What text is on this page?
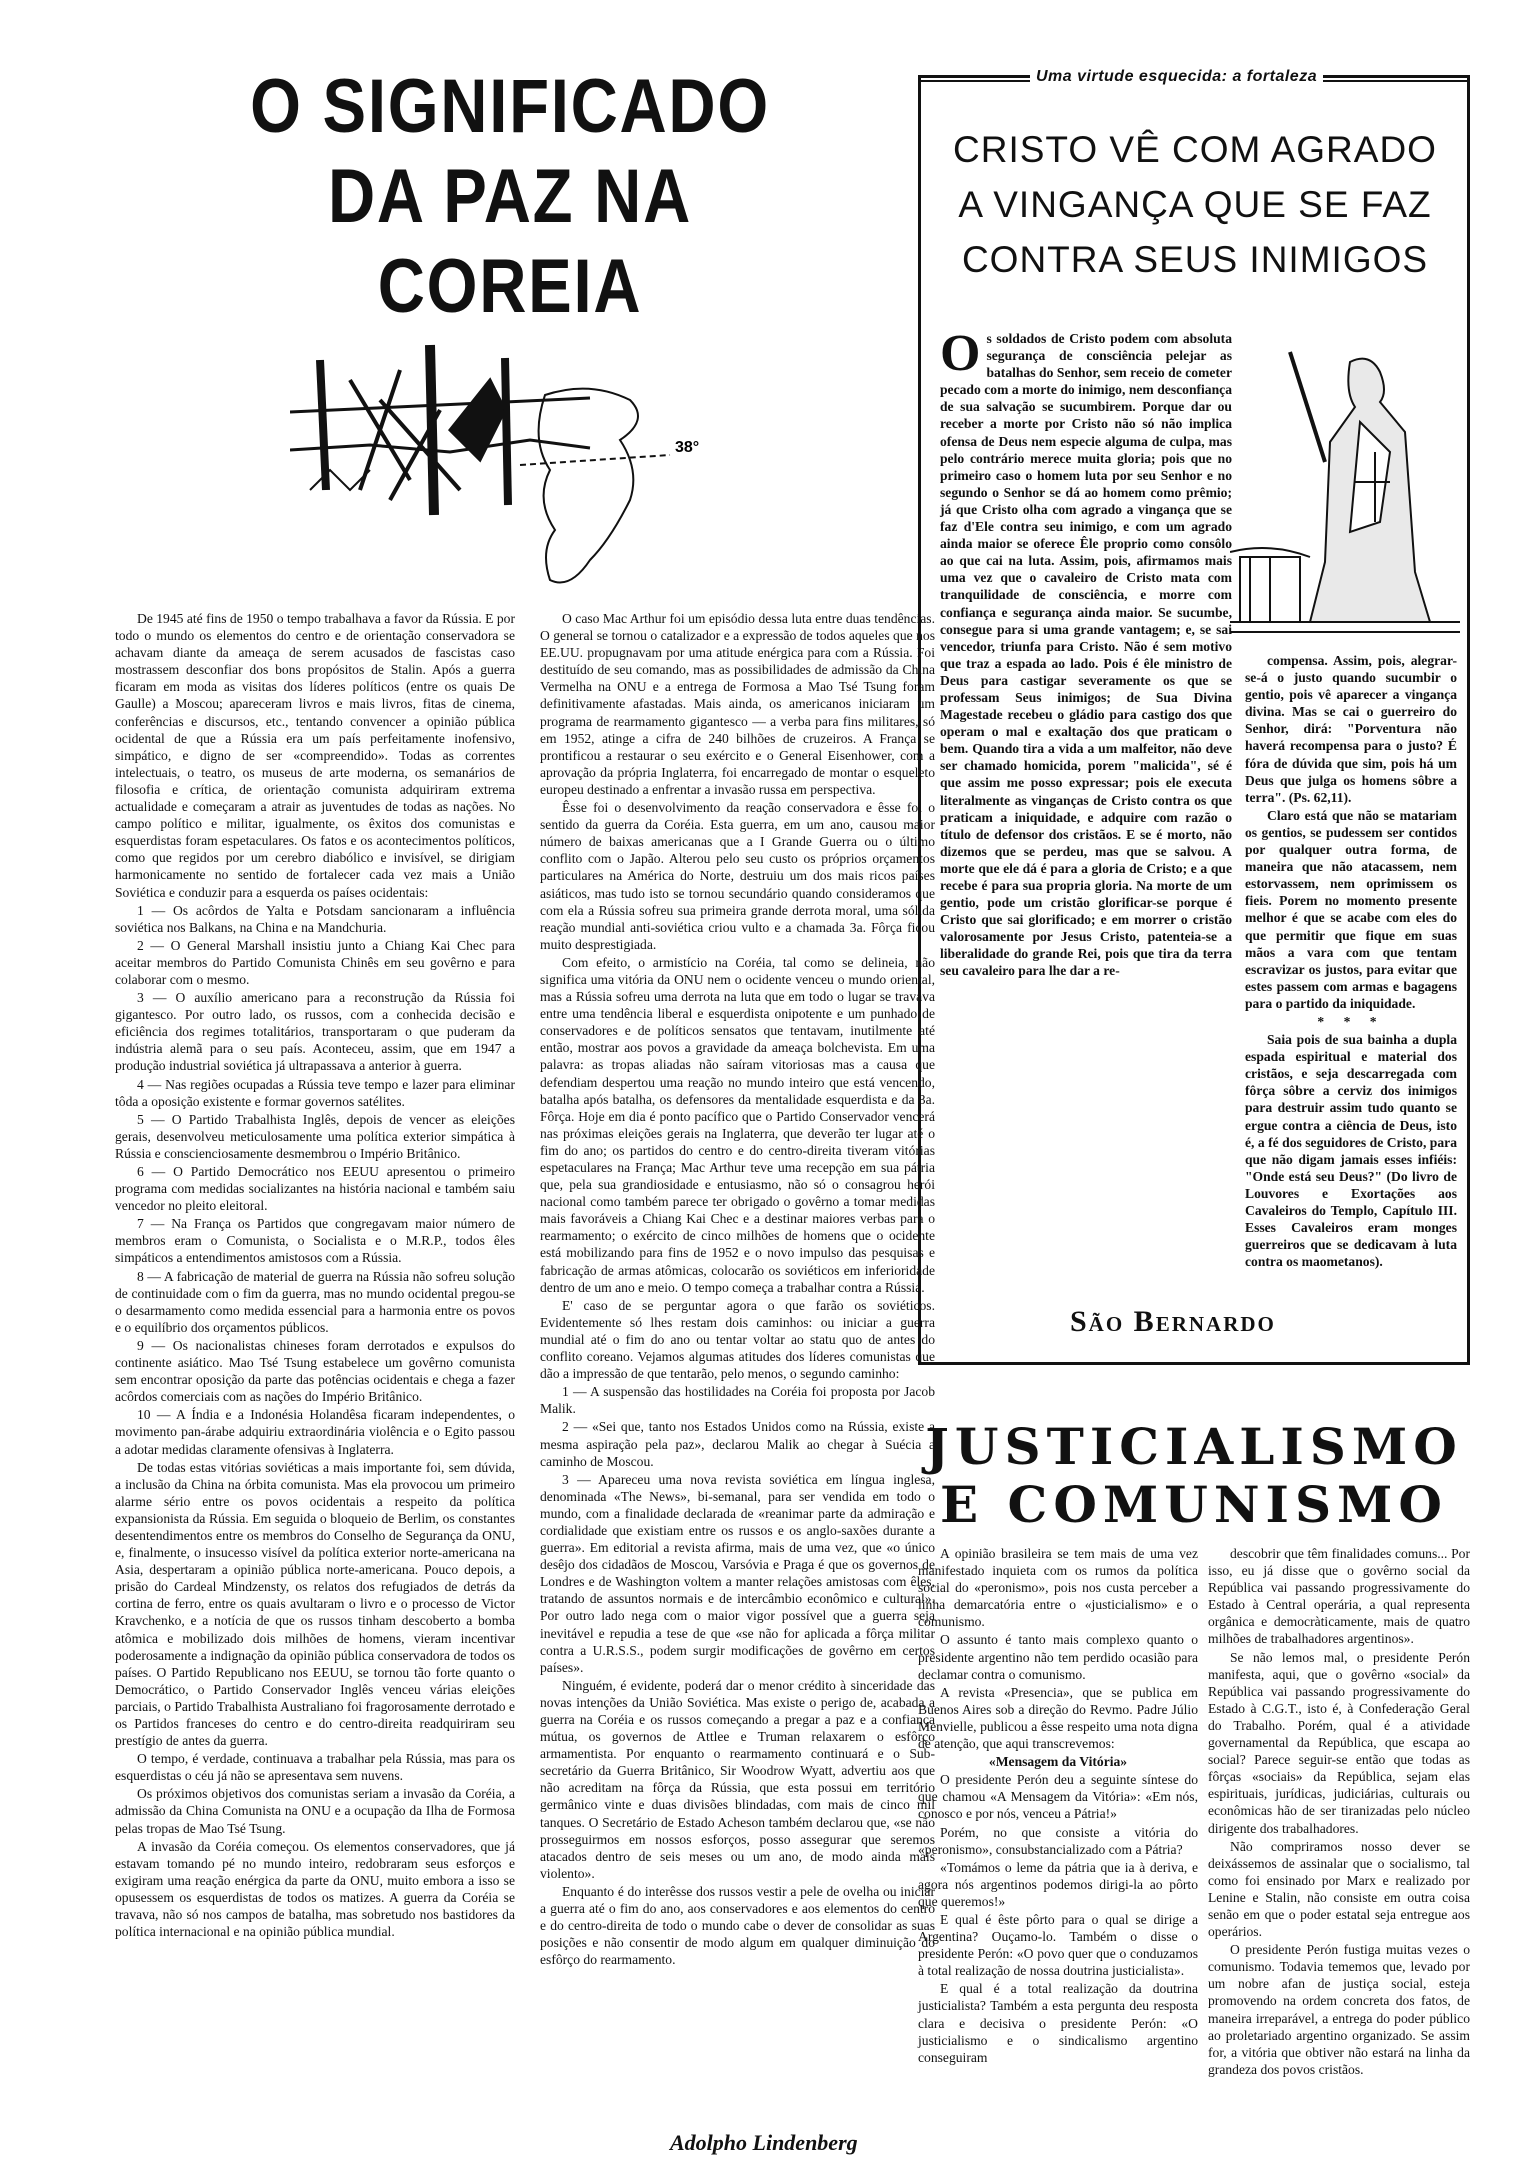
O SIGNIFICADO
DA PAZ NA COREIA
38°

De 1945 até fins de 1950 o tempo trabalhava a favor da Rússia. E por todo o mundo os elementos do centro e de orientação conservadora se achavam diante da ameaça de serem acusados de fascistas caso mostrassem desconfiar dos bons propósitos de Stalin. Após a guerra ficaram em moda as visitas dos líderes políticos (entre os quais De Gaulle) a Moscou; apareceram livros e mais livros, fitas de cinema, conferências e discursos, etc., tentando convencer a opinião pública ocidental de que a Rússia era um país perfeitamente inofensivo, simpático, e digno de ser «compreendido». Todas as correntes intelectuais, o teatro, os museus de arte moderna, os semanários de filosofia e crítica, de orientação comunista adquiriram extrema actualidade e começaram a atrair as juventudes de todas as nações. No campo político e militar, igualmente, os êxitos dos comunistas e esquerdistas foram espetaculares. Os fatos e os acontecimentos políticos, como que regidos por um cerebro diabólico e invisível, se dirigiam harmonicamente no sentido de fortalecer cada vez mais a União Soviética e conduzir para a esquerda os países ocidentais:

1 — Os acôrdos de Yalta e Potsdam sancionaram a influência soviética nos Balkans, na China e na Mandchuria.

2 — O General Marshall insistiu junto a Chiang Kai Chec para aceitar membros do Partido Comunista Chinês em seu govêrno e para colaborar com o mesmo.

3 — O auxílio americano para a reconstrução da Rússia foi gigantesco. Por outro lado, os russos, com a conhecida decisão e eficiência dos regimes totalitários, transportaram o que puderam da indústria alemã para o seu país. Aconteceu, assim, que em 1947 a produção industrial soviética já ultrapassava a anterior à guerra.

4 — Nas regiões ocupadas a Rússia teve tempo e lazer para eliminar tôda a oposição existente e formar governos satélites.

5 — O Partido Trabalhista Inglês, depois de vencer as eleições gerais, desenvolveu meticulosamente uma política exterior simpática à Rússia e conscienciosamente desmembrou o Império Britânico.

6 — O Partido Democrático nos EEUU apresentou o primeiro programa com medidas socializantes na história nacional e também saiu vencedor no pleito eleitoral.

7 — Na França os Partidos que congregavam maior número de membros eram o Comunista, o Socialista e o M.R.P., todos êles simpáticos a entendimentos amistosos com a Rússia.

8 — A fabricação de material de guerra na Rússia não sofreu solução de continuidade com o fim da guerra, mas no mundo ocidental pregou-se o desarmamento como medida essencial para a harmonia entre os povos e o equilíbrio dos orçamentos públicos.

9 — Os nacionalistas chineses foram derrotados e expulsos do continente asiático. Mao Tsé Tsung estabelece um govêrno comunista sem encontrar oposição da parte das potências ocidentais e chega a fazer acôrdos comerciais com as nações do Império Britânico.

10 — A Índia e a Indonésia Holandêsa ficaram independentes, o movimento pan-árabe adquiriu extraordinária violência e o Egito passou a adotar medidas claramente ofensivas à Inglaterra.

De todas estas vitórias soviéticas a mais importante foi, sem dúvida, a inclusão da China na órbita comunista. Mas ela provocou um primeiro alarme sério entre os povos ocidentais a respeito da política expansionista da Rússia. Em seguida o bloqueio de Berlim, os constantes desentendimentos entre os membros do Conselho de Segurança da ONU, e, finalmente, o insucesso visível da política exterior norte-americana na Asia, despertaram a opinião pública norte-americana. Pouco depois, a prisão do Cardeal Mindzensty, os relatos dos refugiados de detrás da cortina de ferro, entre os quais avultaram o livro e o processo de Victor Kravchenko, e a notícia de que os russos tinham descoberto a bomba atômica e mobilizado dois milhões de homens, vieram incentivar poderosamente a indignação da opinião pública conservadora de todos os países. O Partido Republicano nos EEUU, se tornou tão forte quanto o Democrático, o Partido Conservador Inglês venceu várias eleições parciais, o Partido Trabalhista Australiano foi fragorosamente derrotado e os Partidos franceses do centro e do centro-direita readquiriram seu prestígio de antes da guerra.

O tempo, é verdade, continuava a trabalhar pela Rússia, mas para os esquerdistas o céu já não se apresentava sem nuvens.

Os próximos objetivos dos comunistas seriam a invasão da Coréia, a admissão da China Comunista na ONU e a ocupação da Ilha de Formosa pelas tropas de Mao Tsé Tsung.

A invasão da Coréia começou. Os elementos conservadores, que já estavam tomando pé no mundo inteiro, redobraram seus esforços e exigiram uma reação enérgica da parte da ONU, muito embora a isso se opusessem os esquerdistas de todos os matizes. A guerra da Coréia se travava, não só nos campos de batalha, mas sobretudo nos bastidores da política internacional e na opinião pública mundial.

O caso Mac Arthur foi um episódio dessa luta entre duas tendências. O general se tornou o catalizador e a expressão de todos aqueles que nos EE.UU. propugnavam por uma atitude enérgica para com a Rússia. Foi destituído de seu comando, mas as possibilidades de admissão da China Vermelha na ONU e a entrega de Formosa a Mao Tsé Tsung foram definitivamente afastadas. Mais ainda, os americanos iniciaram um programa de rearmamento gigantesco — a verba para fins militares, só em 1952, atinge a cifra de 240 bilhões de cruzeiros. A França se prontificou a restaurar o seu exército e o General Eisenhower, com a aprovação da própria Inglaterra, foi encarregado de montar o esqueleto europeu destinado a enfrentar a invasão russa em perspectiva.

Êsse foi o desenvolvimento da reação conservadora e êsse foi o sentido da guerra da Coréia. Esta guerra, em um ano, causou maior número de baixas americanas que a I Grande Guerra ou o último conflito com o Japão. Alterou pelo seu custo os próprios orçamentos particulares na América do Norte, destruiu um dos mais ricos países asiáticos, mas tudo isto se tornou secundário quando consideramos que com ela a Rússia sofreu sua primeira grande derrota moral, uma sólida reação mundial anti-soviética criou vulto e a chamada 3a. Fôrça ficou muito desprestigiada.

Com efeito, o armistício na Coréia, tal como se delineia, não significa uma vitória da ONU nem o ocidente venceu o mundo oriental, mas a Rússia sofreu uma derrota na luta que em todo o lugar se travava entre uma tendência liberal e esquerdista onipotente e um punhado de conservadores e de políticos sensatos que tentavam, inutilmente até então, mostrar aos povos a gravidade da ameaça bolchevista. Em uma palavra: as tropas aliadas não saíram vitoriosas mas a causa que defendiam despertou uma reação no mundo inteiro que está vencendo, batalha após batalha, os defensores da mentalidade esquerdista e da 3a. Fôrça. Hoje em dia é ponto pacífico que o Partido Conservador vencerá nas próximas eleições gerais na Inglaterra, que deverão ter lugar até o fim do ano; os partidos do centro e do centro-direita tiveram vitórias espetaculares na França; Mac Arthur teve uma recepção em sua pátria que, pela sua grandiosidade e entusiasmo, não só o consagrou herói nacional como também parece ter obrigado o govêrno a tomar medidas mais favoráveis a Chiang Kai Chec e a destinar maiores verbas para o rearmamento; o exército de cinco milhões de homens que o ocidente está mobilizando para fins de 1952 e o novo impulso das pesquisas e fabricação de armas atômicas, colocarão os soviéticos em inferioridade dentro de um ano e meio. O tempo começa a trabalhar contra a Rússia.

E' caso de se perguntar agora o que farão os soviéticos. Evidentemente só lhes restam dois caminhos: ou iniciar a guerra mundial até o fim do ano ou tentar voltar ao statu quo de antes do conflito coreano. Vejamos algumas atitudes dos líderes comunistas que dão a impressão de que tentarão, pelo menos, o segundo caminho:

1 — A suspensão das hostilidades na Coréia foi proposta por Jacob Malik.

2 — «Sei que, tanto nos Estados Unidos como na Rússia, existe a mesma aspiração pela paz», declarou Malik ao chegar à Suécia a caminho de Moscou.

3 — Apareceu uma nova revista soviética em língua inglesa, denominada «The News», bi-semanal, para ser vendida em todo o mundo, com a finalidade declarada de «reanimar parte da admiração e cordialidade que existiam entre os russos e os anglo-saxões durante a guerra». Em editorial a revista afirma, mais de uma vez, que «o único desêjo dos cidadãos de Moscou, Varsóvia e Praga é que os governos de Londres e de Washington voltem a manter relações amistosas com êles, tratando de assuntos normais e de intercâmbio econômico e cultural». Por outro lado nega com o maior vigor possível que a guerra seja inevitável e repudia a tese de que «se não for aplicada a fôrça militar contra a U.R.S.S., podem surgir modificações de govêrno em certos países».

Ninguém, é evidente, poderá dar o menor crédito à sinceridade das novas intenções da União Soviética. Mas existe o perigo de, acabada a guerra na Coréia e os russos começando a pregar a paz e a confiança mútua, os governos de Attlee e Truman relaxarem o esfôrço armamentista. Por enquanto o rearmamento continuará e o Sub-secretário da Guerra Britânico, Sir Woodrow Wyatt, advertiu aos que não acreditam na fôrça da Rússia, que esta possui em território germânico vinte e duas divisões blindadas, com mais de cinco mil tanques. O Secretário de Estado Acheson também declarou que, «se não prosseguirmos em nossos esforços, posso assegurar que seremos atacados dentro de seis meses ou um ano, de modo ainda mais violento».

Enquanto é do interêsse dos russos vestir a pele de ovelha ou iniciar a guerra até o fim do ano, aos conservadores e aos elementos do centro e do centro-direita de todo o mundo cabe o dever de consolidar as suas posições e não consentir de modo algum em qualquer diminuição do esfôrço do rearmamento.

Adolpho Lindenberg
Uma virtude esquecida: a fortaleza
CRISTO VÊ COM AGRADO
A VINGANÇA QUE SE FAZ
CONTRA SEUS INIMIGOS

Os soldados de Cristo podem com absoluta segurança de consciência pelejar as batalhas do Senhor, sem receio de cometer pecado com a morte do inimigo, nem desconfiança de sua salvação se sucumbirem. Porque dar ou receber a morte por Cristo não só não implica ofensa de Deus nem especie alguma de culpa, mas pelo contrário merece muita gloria; pois que no primeiro caso o homem luta por seu Senhor e no segundo o Senhor se dá ao homem como prêmio; já que Cristo olha com agrado a vingança que se faz d'Ele contra seu inimigo, e com um agrado ainda maior se oferece Êle proprio como consôlo ao que cai na luta. Assim, pois, afirmamos mais uma vez que o cavaleiro de Cristo mata com tranquilidade de consciência, e morre com confiança e segurança ainda maior. Se sucumbe, consegue para si uma grande vantagem; e, se sai vencedor, triunfa para Cristo. Não é sem motivo que traz a espada ao lado. Pois é êle ministro de Deus para castigar severamente os que se professam Seus inimigos; de Sua Divina Magestade recebeu o gládio para castigo dos que operam o mal e exaltação dos que praticam o bem. Quando tira a vida a um malfeitor, não deve ser chamado homicida, porem "malicida", sé é que assim me posso expressar; pois ele executa literalmente as vinganças de Cristo contra os que praticam a iniquidade, e adquire com razão o título de defensor dos cristãos. E se é morto, não dizemos que se perdeu, mas que se salvou. A morte que ele dá é para a gloria de Cristo; e a que recebe é para sua propria gloria. Na morte de um gentio, pode um cristão glorificar-se porque é Cristo que sai glorificado; e em morrer o cristão valorosamente por Jesus Cristo, patenteia-se a liberalidade do grande Rei, pois que tira da terra seu cavaleiro para lhe dar a re-

compensa. Assim, pois, alegrar-se-á o justo quando sucumbir o gentio, pois vê aparecer a vingança divina. Mas se cai o guerreiro do Senhor, dirá: "Porventura não haverá recompensa para o justo? É fóra de dúvida que sim, pois há um Deus que julga os homens sôbre a terra". (Ps. 62,11).

Claro está que não se matariam os gentios, se pudessem ser contidos por qualquer outra forma, de maneira que não atacassem, nem estorvassem, nem oprimissem os fieis. Porem no momento presente melhor é que se acabe com eles do que permitir que fique em suas mãos a vara com que tentam escravizar os justos, para evitar que estes passem com armas e bagagens para o partido da iniquidade.

* * *

Saia pois de sua bainha a dupla espada espiritual e material dos cristãos, e seja descarregada com fôrça sôbre a cerviz dos inimigos para destruir assim tudo quanto se ergue contra a ciência de Deus, isto é, a fé dos seguidores de Cristo, para que não digam jamais esses infiéis: "Onde está seu Deus?" (Do livro de Louvores e Exortações aos Cavaleiros do Templo, Capítulo III. Esses Cavaleiros eram monges guerreiros que se dedicavam à luta contra os maometanos).

São Bernardo
JUSTICIALISMO
E COMUNISMO

A opinião brasileira se tem mais de uma vez manifestado inquieta com os rumos da política social do «peronismo», pois nos custa perceber a linha demarcatória entre o «justicialismo» e o comunismo.

O assunto é tanto mais complexo quanto o presidente argentino não tem perdido ocasião para declamar contra o comunismo.

A revista «Presencia», que se publica em Buenos Aires sob a direção do Revmo. Padre Júlio Menvielle, publicou a êsse respeito uma nota digna de atenção, que aqui transcrevemos:

«Mensagem da Vitória»

O presidente Perón deu a seguinte síntese do que chamou «A Mensagem da Vitória»: «Em nós, conosco e por nós, venceu a Pátria!»

Porém, no que consiste a vitória do «peronismo», consubstancializado com a Pátria?

«Tomámos o leme da pátria que ia à deriva, e agora nós argentinos podemos dirigi-la ao pôrto que queremos!»

E qual é êste pôrto para o qual se dirige a Argentina? Ouçamo-lo. Também o disse o presidente Perón: «O povo quer que o conduzamos à total realização de nossa doutrina justicialista».

E qual é a total realização da doutrina justicialista? Também a esta pergunta deu resposta clara e decisiva o presidente Perón: «O justicialismo e o sindicalismo argentino conseguiram

descobrir que têm finalidades comuns... Por isso, eu já disse que o govêrno social da República vai passando progressivamente do Estado à Central operária, a qual representa orgânica e democràticamente, mais de quatro milhões de trabalhadores argentinos».

Se não lemos mal, o presidente Perón manifesta, aqui, que o govêrno «social» da República vai passando progressivamente do Estado à C.G.T., isto é, à Confederação Geral do Trabalho. Porém, qual é a atividade governamental da República, que escapa ao social? Parece seguir-se então que todas as fôrças «sociais» da República, sejam elas espirituais, jurídicas, judiciárias, culturais ou econômicas hão de ser tiranizadas pelo núcleo dirigente dos trabalhadores.

Não compriramos nosso dever se deixássemos de assinalar que o socialismo, tal como foi ensinado por Marx e realizado por Lenine e Stalin, não consiste em outra coisa senão em que o poder estatal seja entregue aos operários.

O presidente Perón fustiga muitas vezes o comunismo. Todavia tememos que, levado por um nobre afan de justiça social, esteja promovendo na ordem concreta dos fatos, de maneira irreparável, a entrega do poder público ao proletariado argentino organizado. Se assim for, a vitória que obtiver não estará na linha da grandeza dos povos cristãos.
